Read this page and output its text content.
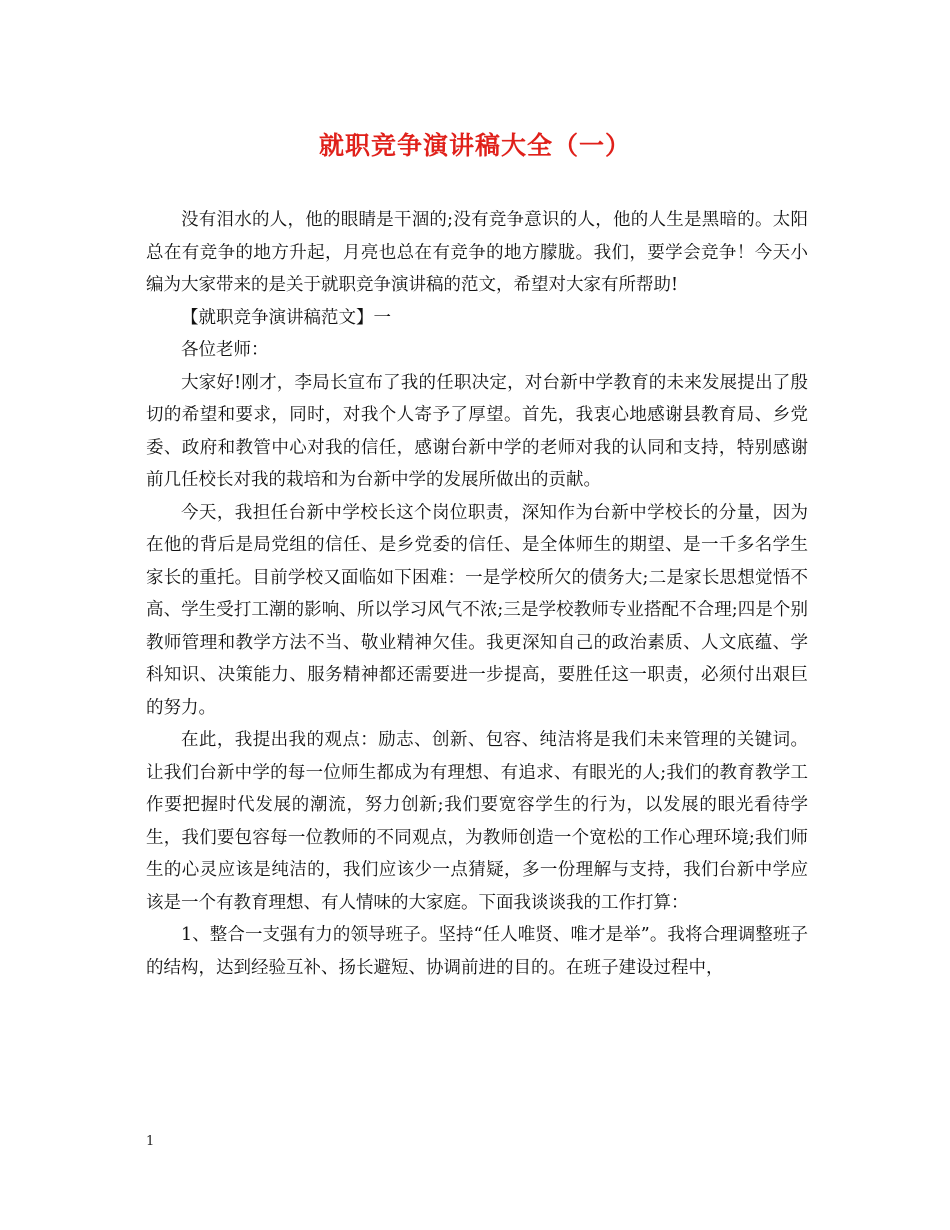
就职竞争演讲稿大全（一）

没有泪水的人，他的眼睛是干涸的;没有竞争意识的人，他的人生是黑暗的。太阳总在有竞争的地方升起，月亮也总在有竞争的地方朦胧。我们，要学会竞争！今天小编为大家带来的是关于就职竞争演讲稿的范文，希望对大家有所帮助!

【就职竞争演讲稿范文】一

各位老师：

大家好!刚才，李局长宣布了我的任职决定，对台新中学教育的未来发展提出了殷切的希望和要求，同时，对我个人寄予了厚望。首先，我衷心地感谢县教育局、乡党委、政府和教管中心对我的信任，感谢台新中学的老师对我的认同和支持，特别感谢前几任校长对我的栽培和为台新中学的发展所做出的贡献。

今天，我担任台新中学校长这个岗位职责，深知作为台新中学校长的分量，因为在他的背后是局党组的信任、是乡党委的信任、是全体师生的期望、是一千多名学生家长的重托。目前学校又面临如下困难：一是学校所欠的债务大;二是家长思想觉悟不高、学生受打工潮的影响、所以学习风气不浓;三是学校教师专业搭配不合理;四是个别教师管理和教学方法不当、敬业精神欠佳。我更深知自己的政治素质、人文底蕴、学科知识、决策能力、服务精神都还需要进一步提高，要胜任这一职责，必须付出艰巨的努力。

在此，我提出我的观点：励志、创新、包容、纯洁将是我们未来管理的关键词。让我们台新中学的每一位师生都成为有理想、有追求、有眼光的人;我们的教育教学工作要把握时代发展的潮流，努力创新;我们要宽容学生的行为，以发展的眼光看待学生，我们要包容每一位教师的不同观点，为教师创造一个宽松的工作心理环境;我们师生的心灵应该是纯洁的，我们应该少一点猜疑，多一份理解与支持，我们台新中学应该是一个有教育理想、有人情味的大家庭。下面我谈谈我的工作打算：

1、整合一支强有力的领导班子。坚持“任人唯贤、唯才是举”。我将合理调整班子的结构，达到经验互补、扬长避短、协调前进的目的。在班子建设过程中，

1
